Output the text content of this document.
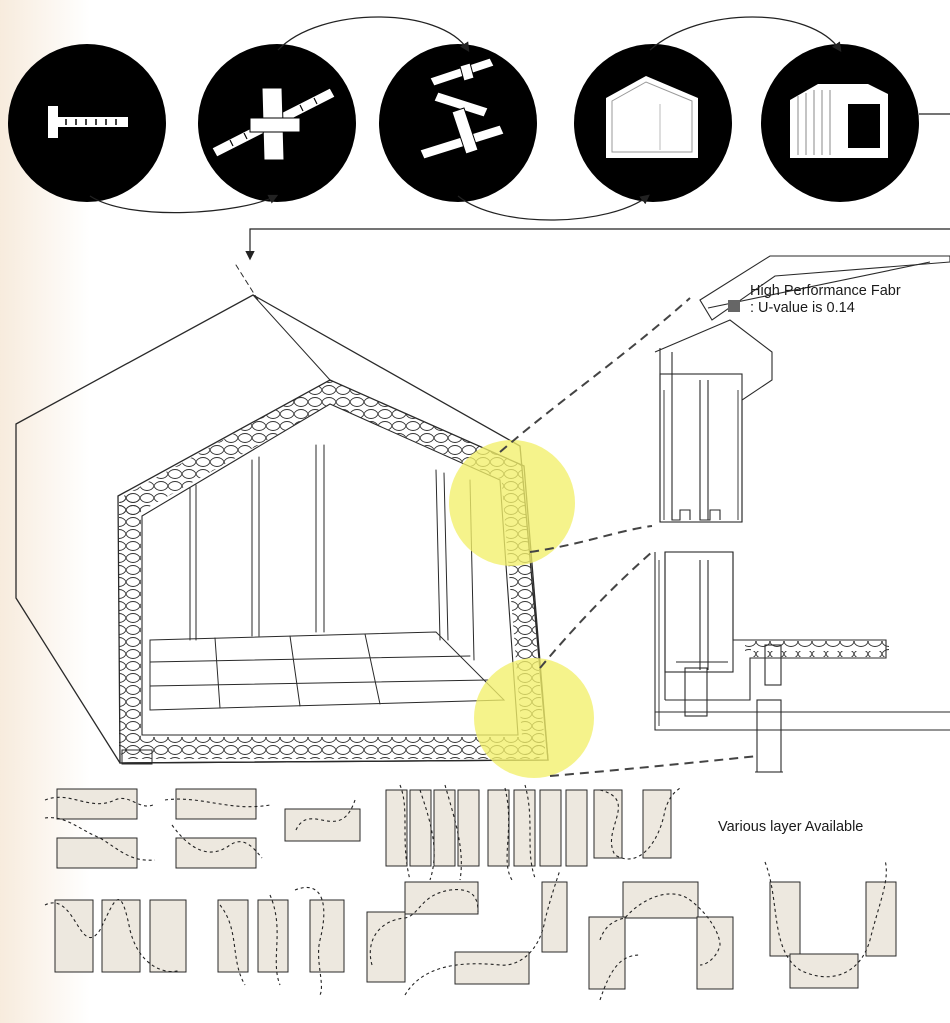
High Performance Fabr
: U-value is 0.14
Various layer Available
